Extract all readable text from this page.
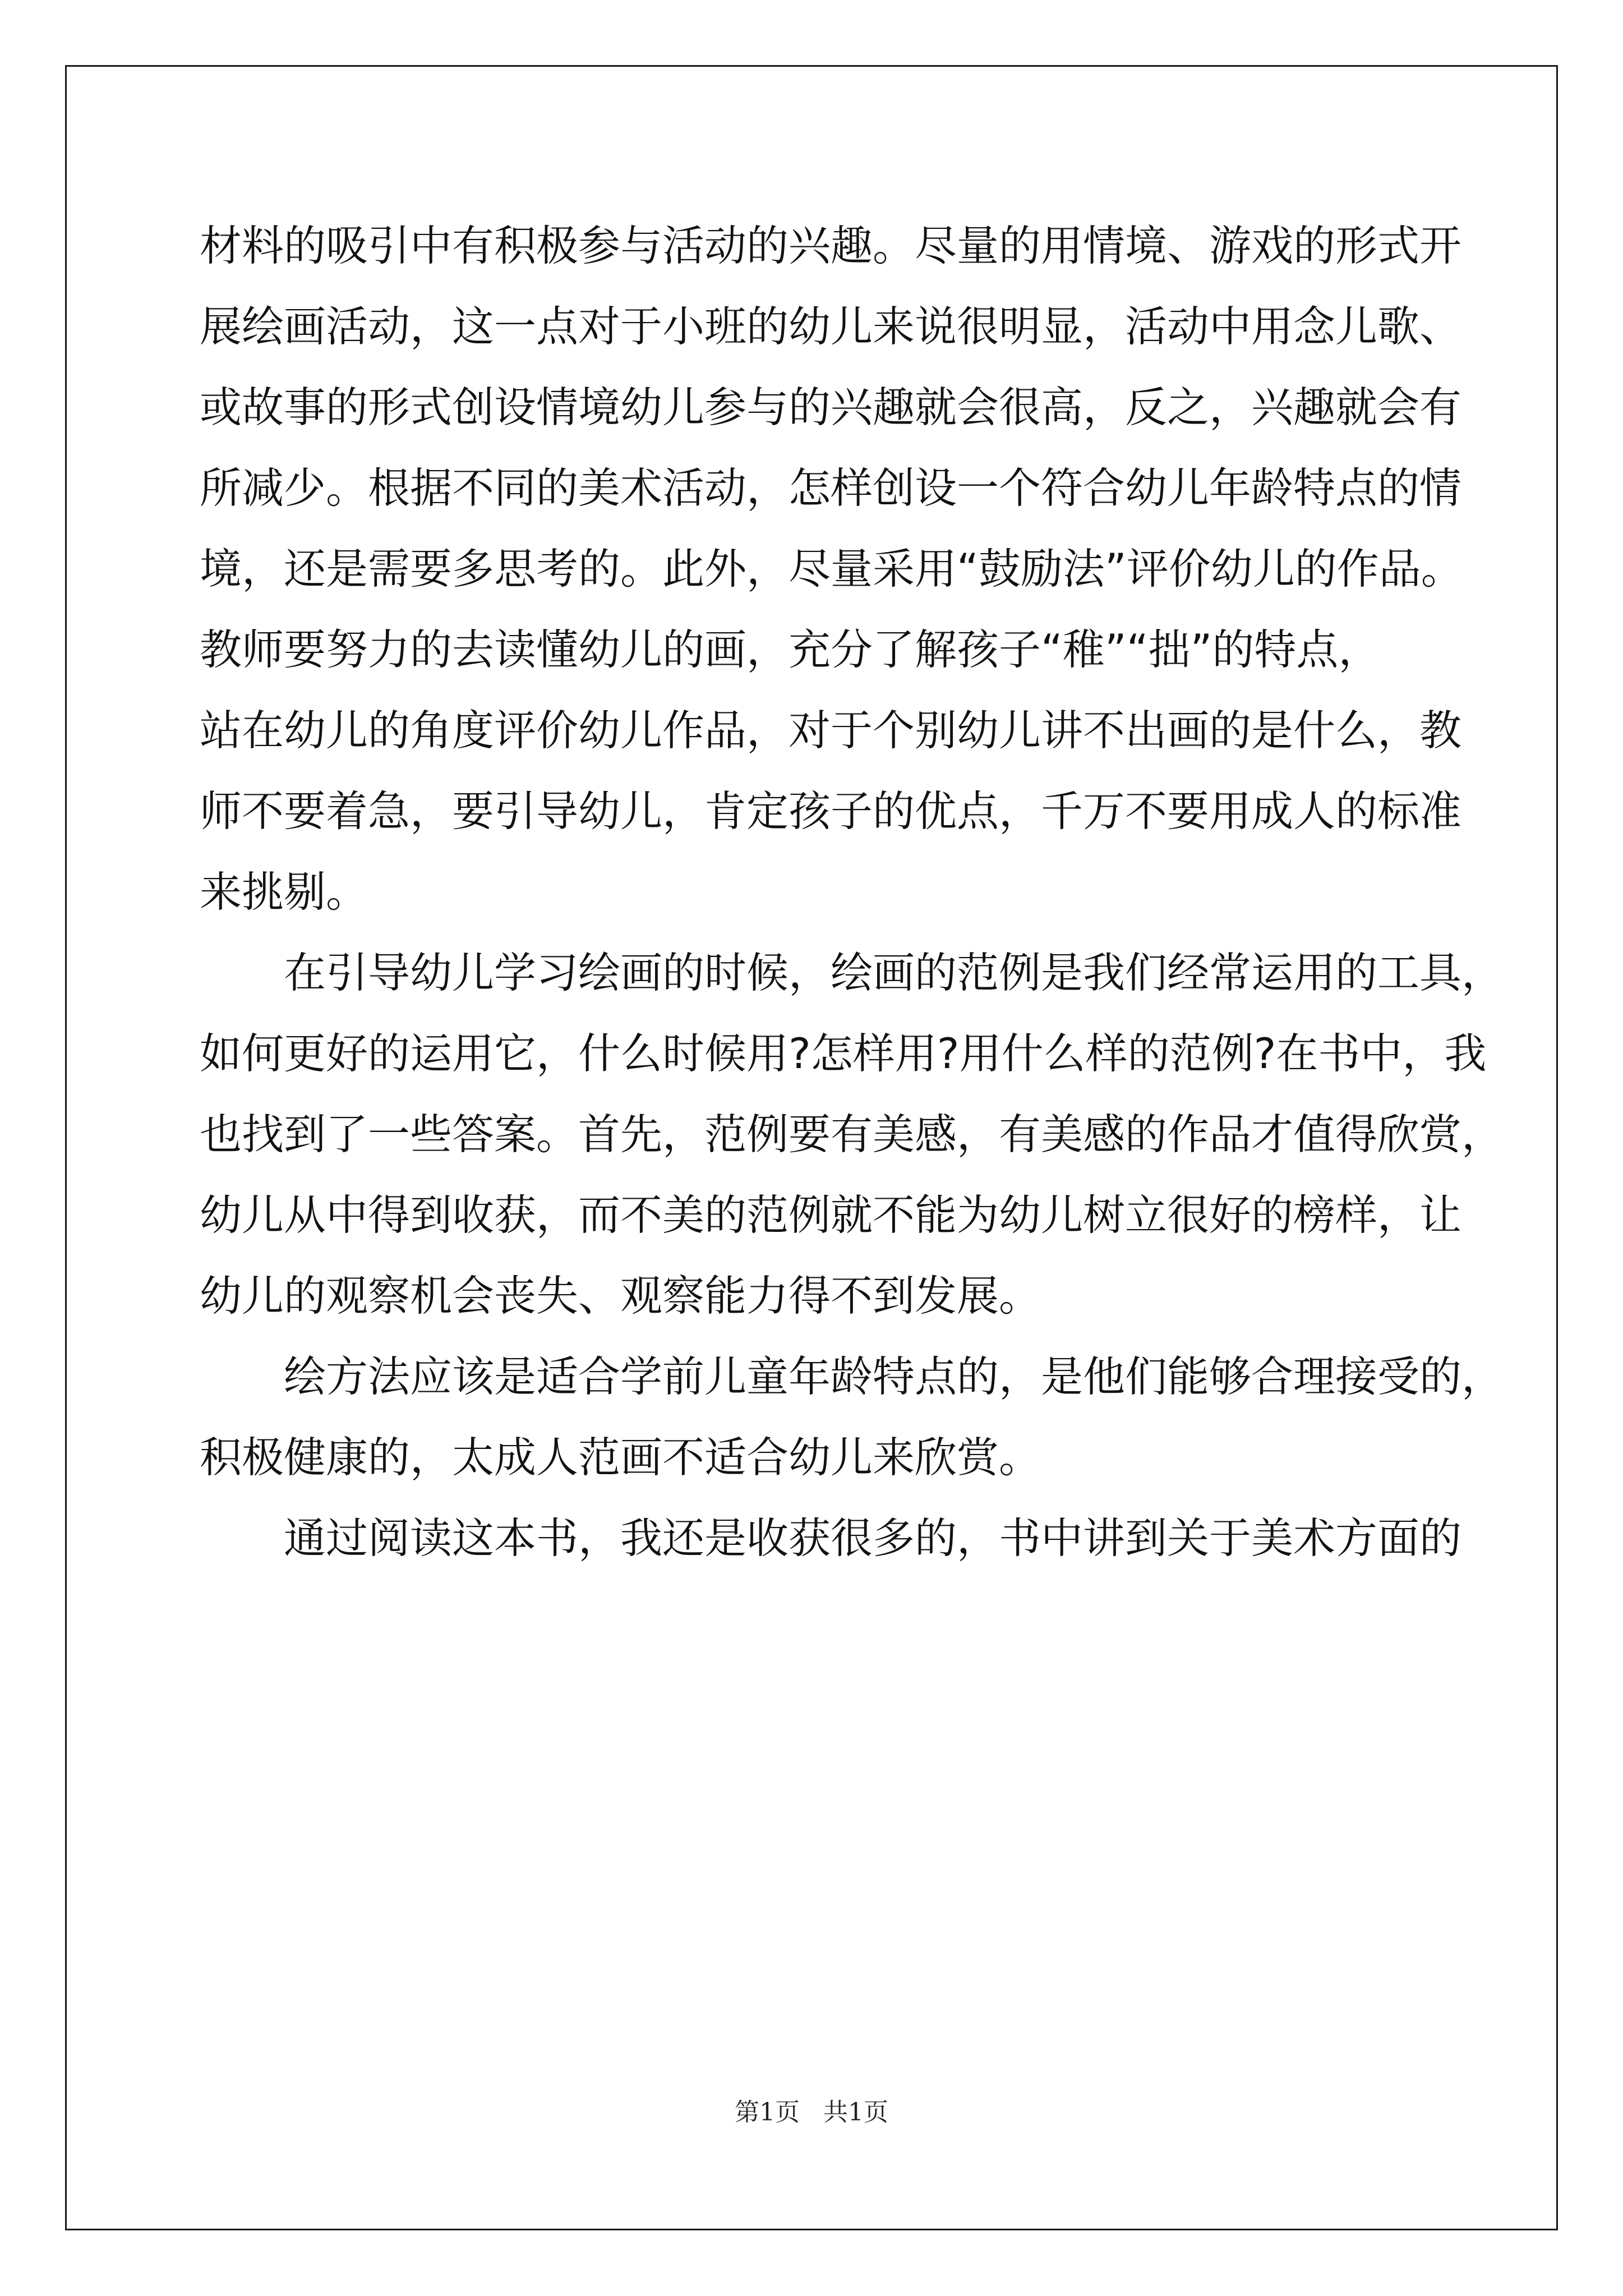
材料的吸引中有积极参与活动的兴趣。尽量的用情境、游戏的形式开
展绘画活动，这一点对于小班的幼儿来说很明显，活动中用念儿歌、
或故事的形式创设情境幼儿参与的兴趣就会很高，反之，兴趣就会有
所减少。根据不同的美术活动，怎样创设一个符合幼儿年龄特点的情
境，还是需要多思考的。此外，尽量采用“鼓励法”评价幼儿的作品。
教师要努力的去读懂幼儿的画，充分了解孩子“稚”“拙”的特点，
站在幼儿的角度评价幼儿作品，对于个别幼儿讲不出画的是什么，教
师不要着急，要引导幼儿，肯定孩子的优点，千万不要用成人的标准
来挑剔。
　　在引导幼儿学习绘画的时候，绘画的范例是我们经常运用的工具，
如何更好的运用它，什么时候用?怎样用?用什么样的范例?在书中，我
也找到了一些答案。首先，范例要有美感，有美感的作品才值得欣赏，
幼儿从中得到收获，而不美的范例就不能为幼儿树立很好的榜样，让
幼儿的观察机会丧失、观察能力得不到发展。
　　绘方法应该是适合学前儿童年龄特点的，是他们能够合理接受的，
积极健康的，太成人范画不适合幼儿来欣赏。
　　通过阅读这本书，我还是收获很多的，书中讲到关于美术方面的
第1页   共1页
